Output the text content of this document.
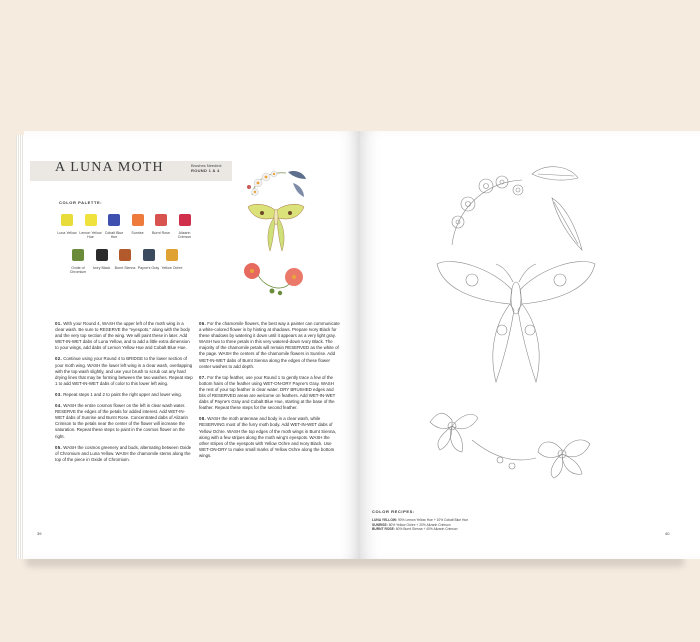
A LUNA MOTH	Brushes Needed:
ROUND 1 & 4
COLOR PALETTE:
Luna Yellow Lemon Yellow Hue
Cobalt Blue Hue
Sunrise	Burnt Rose	Alizarin Crimson
Oxide of Chromium
Ivory Black	Burnt Sienna Payne's Gray Yellow Ochre

01. With your Round 4, WASH the upper left of the moth wing in a clear wash. Be sure to RESERVE the "eyespots," along with the body and the very top section of the wing. We will paint these in later. Add WET-IN-WET dabs of Luna Yellow, and to add a little extra dimension to your wings, add dabs of Lemon Yellow Hue and Cobalt Blue Hue.

02. Continue using your Round 4 to BRIDGE to the lower section of your moth wing. WASH the lower left wing in a clear wash, overlapping with the top wash slightly, and use your brush to scrub out any hard drying lines that may be forming between the two washes. Repeat step 1 to add WET-IN-WET dabs of color to this lower left wing.

03. Repeat steps 1 and 2 to paint the right upper and lower wing.

04. WASH the entire cosmos flower on the left in clear wash water. RESERVE the edges of the petals for added interest. Add WET-IN-WET dabs of Sunrise and Burnt Rose. Concentrated dabs of Alizarin Crimson to the petals near the center of the flower will increase the saturation. Repeat these steps to paint in the cosmos flower on the right.

05. WASH the cosmos greenery and buds, alternating between Oxide of Chromium and Luna Yellow. WASH the chamomile stems along the top of the piece in Oxide of Chromium.

06. For the chamomile flowers, the best way a painter can communicate a white-colored flower is by hinting at shadows. Prepare Ivory Black for these shadows by watering it down until it appears as a very light gray. WASH two to three petals in this very watered-down Ivory Black. The majority of the chamomile petals will remain RESERVED as the white of the page. WASH the centers of the chamomile flowers in Sunrise. Add WET-IN-WET dabs of Burnt Sienna along the edges of these flower center washes to add depth.

07. For the top feather, use your Round 1 to gently trace a few of the bottom hairs of the feather using WET-ON-DRY Payne's Gray. WASH the rest of your top feather in clear water. DRY BRUSHED edges and bits of RESERVED areas are welcome on feathers. Add WET-IN-WET dabs of Payne's Gray and Cobalt Blue Hue, starting at the base of the feather. Repeat these steps for the second feather.

08. WASH the moth antennae and body in a clear wash, while RESERVING most of the furry moth body. Add WET-IN-WET dabs of Yellow Ochre. WASH the top edges of the moth wings in Burnt Sienna, along with a few stripes along the moth wing's eyespots. WASH the other stripes of the eyespots with Yellow Ochre and Ivory Black. Use WET-ON-DRY to make small marks of Yellow Ochre along the bottom wings.

39
COLOR RECIPES:
LUNA YELLOW: 90% Lemon Yellow Hue + 10% Cobalt Blue Hue
SUNRISE: 80% Yellow Ochre + 20% Alizarin Crimson
BURNT ROSE: 60% Burnt Sienna + 40% Alizarin Crimson
40
